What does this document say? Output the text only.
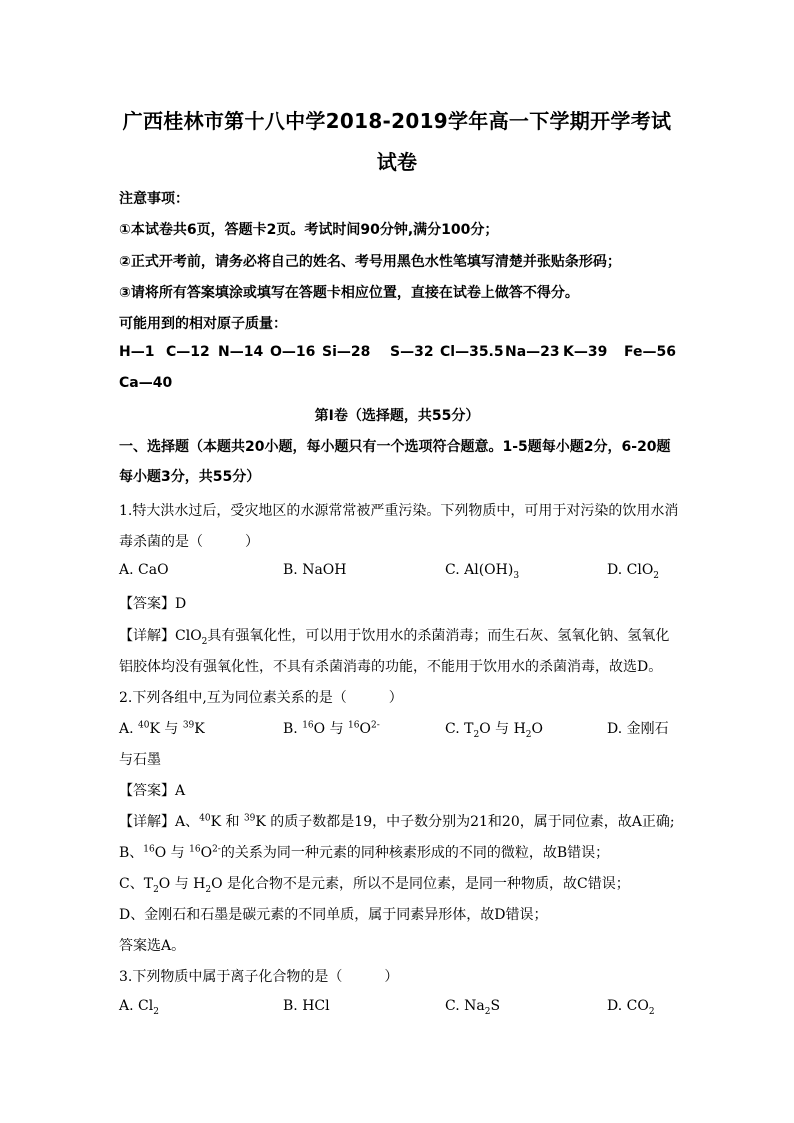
广西桂林市第十八中学2018-2019学年高一下学期开学考试
试卷
注意事项：
①本试卷共6页，答题卡2页。考试时间90分钟,满分100分；
②正式开考前，请务必将自己的姓名、考号用黑色水性笔填写清楚并张贴条形码；
③请将所有答案填涂或填写在答题卡相应位置，直接在试卷上做答不得分。
可能用到的相对原子质量：
H—1 C—12 N—14 O—16 Si—28 S—32 Cl—35.5 Na—23 K—39 Fe—56
Ca—40
第Ⅰ卷（选择题，共55分）
一、选择题（本题共20小题，每小题只有一个选项符合题意。1-5题每小题2分，6-20题
每小题3分，共55分）
1.特大洪水过后，受灾地区的水源常常被严重污染。下列物质中，可用于对污染的饮用水消
毒杀菌的是（　　　）
A. CaO	B. NaOH	C. $Al(OH)_3$	D. ClO$_2$
【答案】D
【详解】ClO$_2$具有强氧化性，可以用于饮用水的杀菌消毒；而生石灰、氢氧化钠、氢氧化
铝胶体均没有强氧化性，不具有杀菌消毒的功能，不能用于饮用水的杀菌消毒，故选D。
2.下列各组中,互为同位素关系的是（　　　）
A. $^{40}$K 与 $^{39}$K	B. $^{16}$O 与 $^{16}O^{2-}$	C. $T_2O$ 与 $H_2O$	D. 金刚石
与石墨
【答案】A
【详解】A、$^{40}$K 和 $^{39}$K 的质子数都是19，中子数分别为21和20，属于同位素，故A正确;
B、$^{16}$O 与 $^{16}O^{2-}$的关系为同一种元素的同种核素形成的不同的微粒，故B错误；
C、$T_2O$ 与 $H_2O$ 是化合物不是元素，所以不是同位素，是同一种物质，故C错误；
D、金刚石和石墨是碳元素的不同单质，属于同素异形体，故D错误；
答案选A。
3.下列物质中属于离子化合物的是（　　　）
A. $Cl_2$	B. HCl	C. $Na_2S$	D. $CO_2$
